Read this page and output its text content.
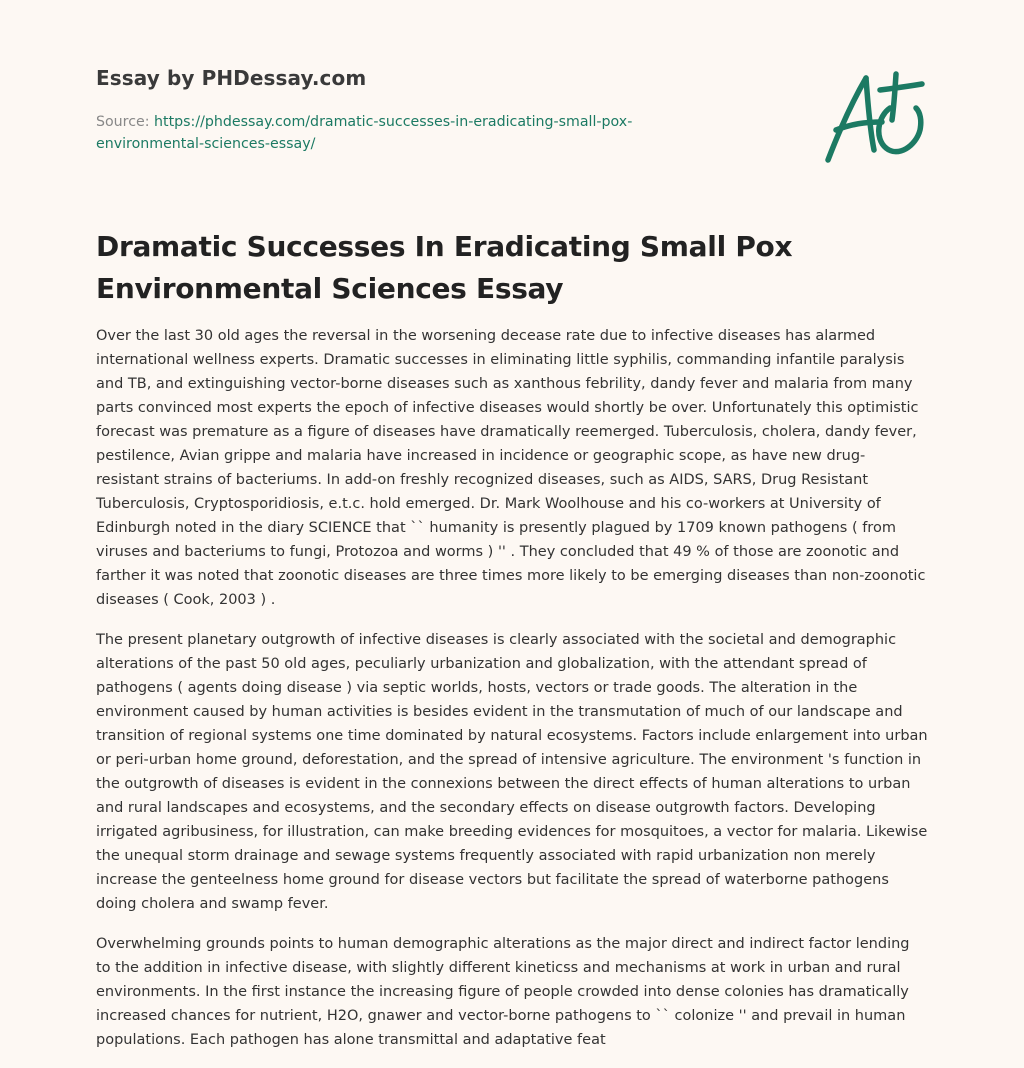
Essay by PHDessay.com
Source: https://phdessay.com/dramatic-successes-in-eradicating-small-pox-environmental-sciences-essay/
Dramatic Successes In Eradicating Small Pox Environmental Sciences Essay

Over the last 30 old ages the reversal in the worsening decease rate due to infective diseases has alarmed international wellness experts. Dramatic successes in eliminating little syphilis, commanding infantile paralysis and TB, and extinguishing vector-borne diseases such as xanthous febrility, dandy fever and malaria from many parts convinced most experts the epoch of infective diseases would shortly be over. Unfortunately this optimistic forecast was premature as a figure of diseases have dramatically reemerged. Tuberculosis, cholera, dandy fever, pestilence, Avian grippe and malaria have increased in incidence or geographic scope, as have new drug-resistant strains of bacteriums. In add-on freshly recognized diseases, such as AIDS, SARS, Drug Resistant Tuberculosis, Cryptosporidiosis, e.t.c. hold emerged. Dr. Mark Woolhouse and his co-workers at University of Edinburgh noted in the diary SCIENCE that `` humanity is presently plagued by 1709 known pathogens ( from viruses and bacteriums to fungi, Protozoa and worms ) '' . They concluded that 49 % of those are zoonotic and farther it was noted that zoonotic diseases are three times more likely to be emerging diseases than non-zoonotic diseases ( Cook, 2003 ) .

The present planetary outgrowth of infective diseases is clearly associated with the societal and demographic alterations of the past 50 old ages, peculiarly urbanization and globalization, with the attendant spread of pathogens ( agents doing disease ) via septic worlds, hosts, vectors or trade goods. The alteration in the environment caused by human activities is besides evident in the transmutation of much of our landscape and transition of regional systems one time dominated by natural ecosystems. Factors include enlargement into urban or peri-urban home ground, deforestation, and the spread of intensive agriculture. The environment 's function in the outgrowth of diseases is evident in the connexions between the direct effects of human alterations to urban and rural landscapes and ecosystems, and the secondary effects on disease outgrowth factors. Developing irrigated agribusiness, for illustration, can make breeding evidences for mosquitoes, a vector for malaria. Likewise the unequal storm drainage and sewage systems frequently associated with rapid urbanization non merely increase the genteelness home ground for disease vectors but facilitate the spread of waterborne pathogens doing cholera and swamp fever.

Overwhelming grounds points to human demographic alterations as the major direct and indirect factor lending to the addition in infective disease, with slightly different kineticss and mechanisms at work in urban and rural environments. In the first instance the increasing figure of people crowded into dense colonies has dramatically increased chances for nutrient, H2O, gnawer and vector-borne pathogens to `` colonize '' and prevail in human populations. Each pathogen has alone transmittal and adaptative feat
